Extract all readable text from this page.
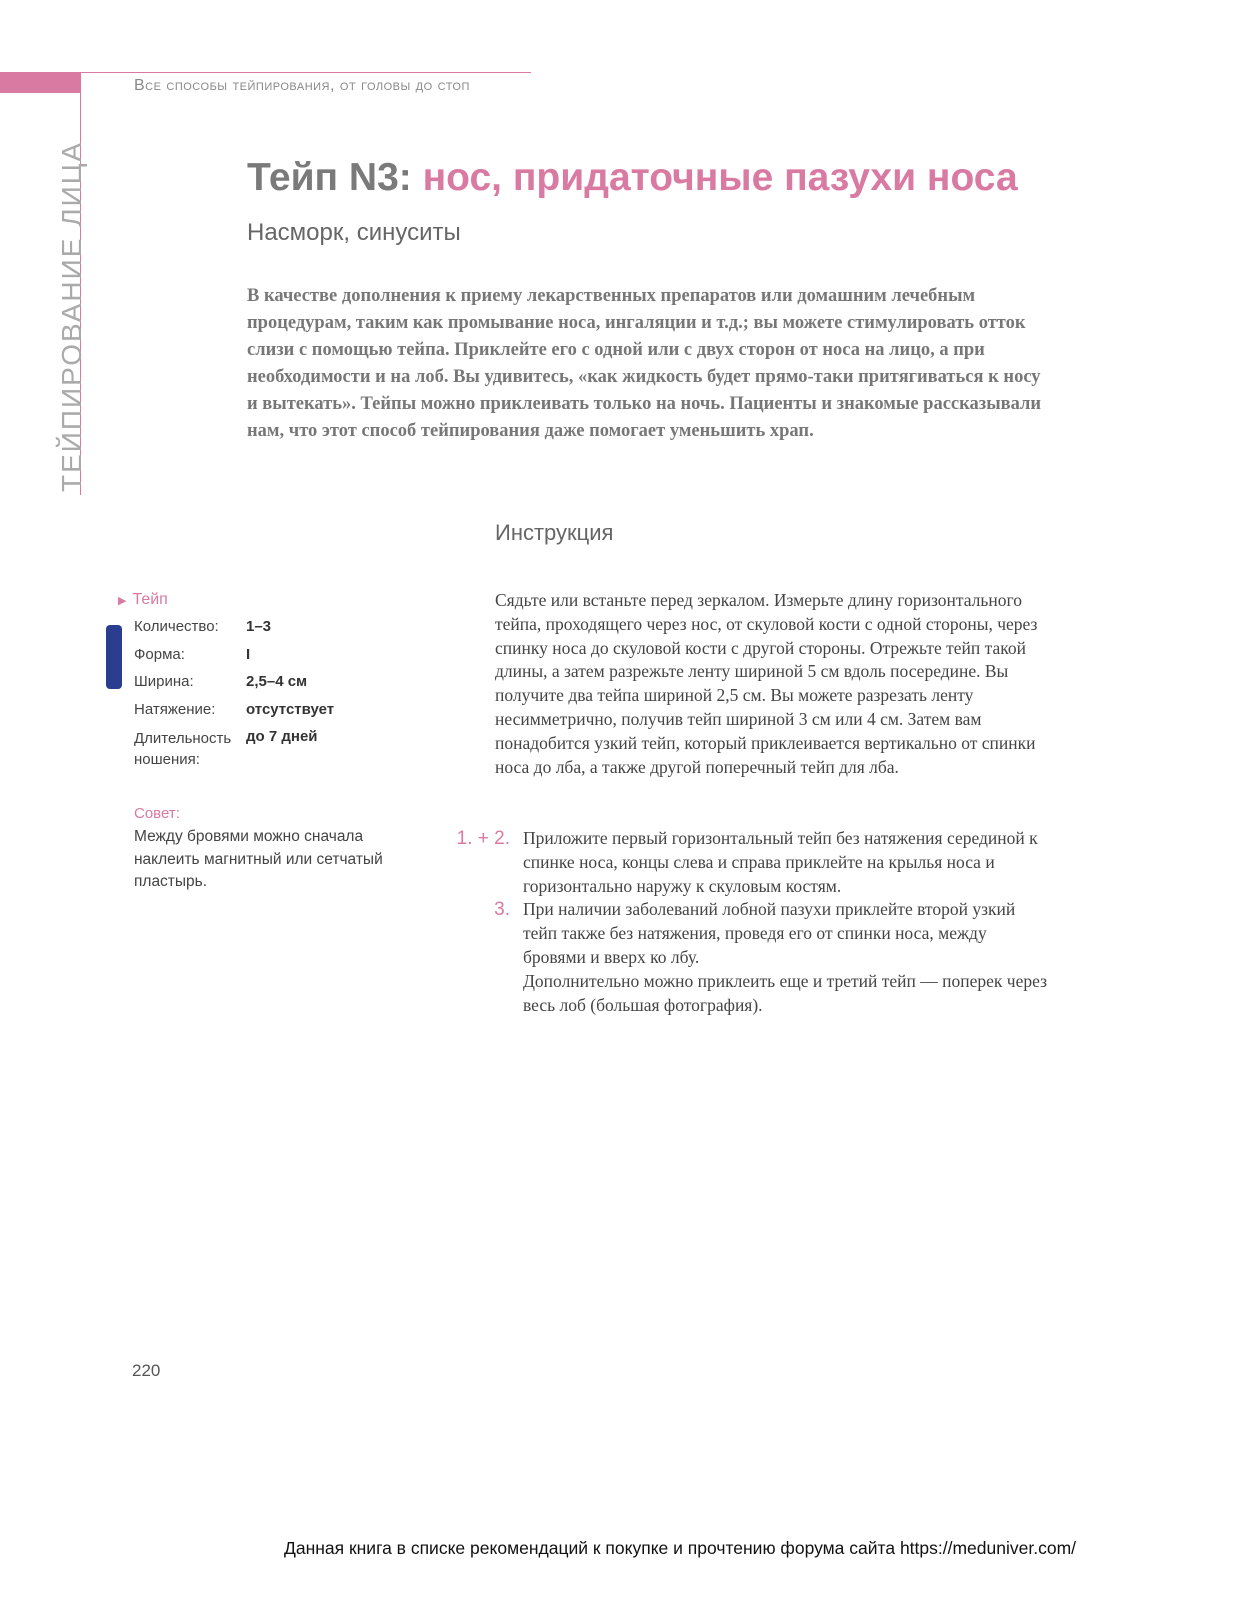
Все способы тейпирования, от головы до стоп
ТЕЙПИРОВАНИЕ ЛИЦА	Тейп N3: нос, придаточные пазухи носа
Насморк, синуситы

В качестве дополнения к приему лекарственных препаратов или домашним лечебным процедурам, таким как промывание носа, ингаляции и т.д.; вы можете стимулировать отток слизи с помощью тейпа. Приклейте его с одной или с двух сторон от носа на лицо, а при необходимости и на лоб. Вы удивитесь, «как жидкость будет прямо-таки притягиваться к носу и вытекать». Тейпы можно приклеивать только на ночь. Пациенты и знакомые рассказывали нам, что этот способ тейпирования даже помогает уменьшить храп.

Инструкция

Сядьте или встаньте перед зеркалом. Измерьте длину горизонтального тейпа, проходящего через нос, от скуловой кости с одной стороны, через спинку носа до скуловой кости с другой стороны. Отрежьте тейп такой длины, а затем разрежьте ленту шириной 5 см вдоль посередине. Вы получите два тейпа шириной 2,5 см. Вы можете разрезать ленту несимметрично, получив тейп шириной 3 см или 4 см. Затем вам понадобится узкий тейп, который приклеивается вертикально от спинки носа до лба, а также другой поперечный тейп для лба.

1. + 2. Приложите первый горизонтальный тейп без натяжения серединой к спинке носа, концы слева и справа приклейте на крылья носа и горизонтально наружу к скуловым костям.
3. При наличии заболеваний лобной пазухи приклейте второй узкий тейп также без натяжения, проведя его от спинки носа, между бровями и вверх ко лбу.
Дополнительно можно приклеить еще и третий тейп — поперек через весь лоб (большая фотография).
▶ Тейп
Количество:	1–3
Форма:	I
Ширина:	2,5–4 см
Натяжение:	отсутствует
Длительность ношения:
до 7 дней
Совет:
Между бровями можно сначала наклеить магнитный или сетчатый пластырь.
220
Данная книга в списке рекомендаций к покупке и прочтению форума сайта https://meduniver.com/
